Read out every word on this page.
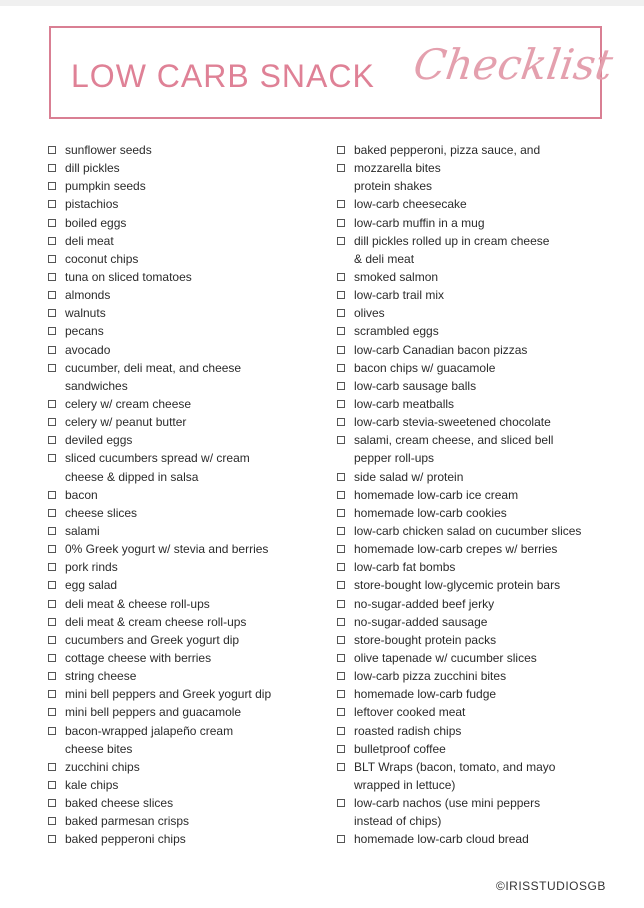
LOW CARB SNACK Checklist
sunflower seeds
dill pickles
pumpkin seeds
pistachios
boiled eggs
deli meat
coconut chips
tuna on sliced tomatoes
almonds
walnuts
pecans
avocado
cucumber, deli meat, and cheese
sandwiches
celery w/ cream cheese
celery w/ peanut butter
deviled eggs
sliced cucumbers spread w/ cream
cheese & dipped in salsa
bacon
cheese slices
salami
0% Greek yogurt w/ stevia and berries
pork rinds
egg salad
deli meat & cheese roll-ups
deli meat & cream cheese roll-ups
cucumbers and Greek yogurt dip
cottage cheese with berries
string cheese
mini bell peppers and Greek yogurt dip
mini bell peppers and guacamole
bacon-wrapped jalapeño cream
cheese bites
zucchini chips
kale chips
baked cheese slices
baked parmesan crisps
baked pepperoni chips
baked pepperoni, pizza sauce, and
mozzarella bites
protein shakes
low-carb cheesecake
low-carb muffin in a mug
dill pickles rolled up in cream cheese
& deli meat
smoked salmon
low-carb trail mix
olives
scrambled eggs
low-carb Canadian bacon pizzas
bacon chips w/ guacamole
low-carb sausage balls
low-carb meatballs
low-carb stevia-sweetened chocolate
salami, cream cheese, and sliced bell
pepper roll-ups
side salad w/ protein
homemade low-carb ice cream
homemade low-carb cookies
low-carb chicken salad on cucumber slices
homemade low-carb crepes w/ berries
low-carb fat bombs
store-bought low-glycemic protein bars
no-sugar-added beef jerky
no-sugar-added sausage
store-bought protein packs
olive tapenade w/ cucumber slices
low-carb pizza zucchini bites
homemade low-carb fudge
leftover cooked meat
roasted radish chips
bulletproof coffee
BLT Wraps (bacon, tomato, and mayo
wrapped in lettuce)
low-carb nachos (use mini peppers
instead of chips)
homemade low-carb cloud bread
©IRISSTUDIOSGB
